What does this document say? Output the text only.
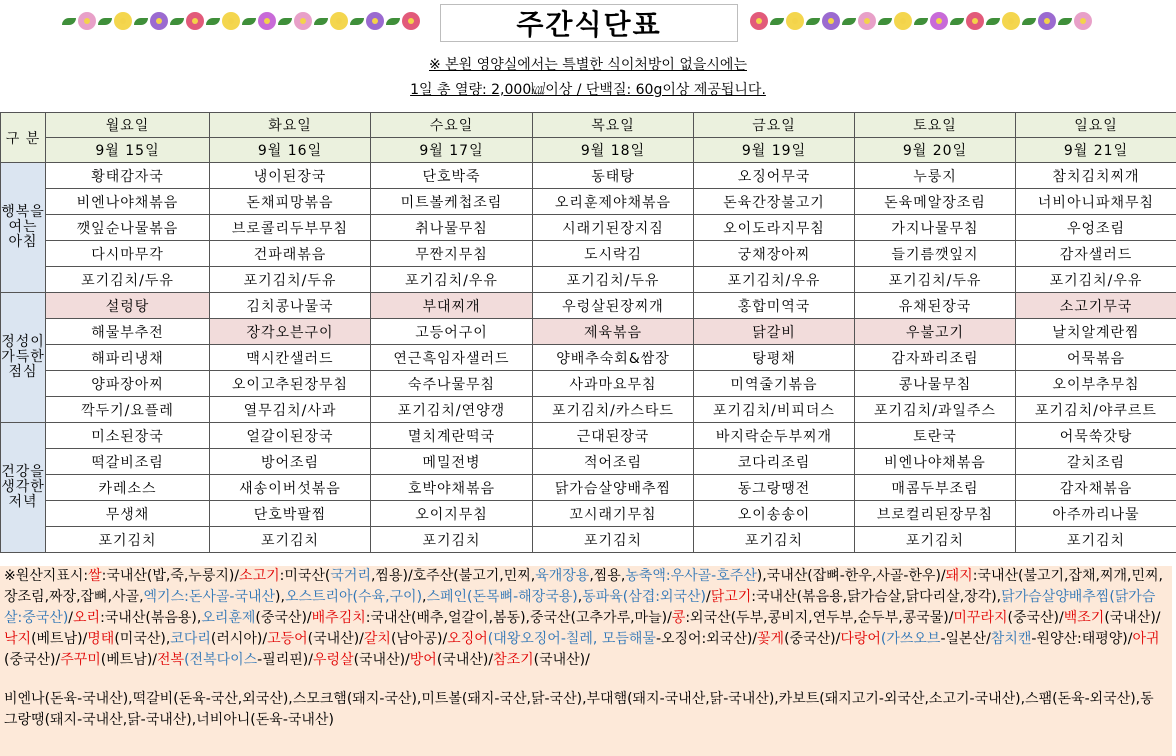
주간식단표
※ 본원 영양실에서는 특별한 식이처방이 없을시에는
1일 총 열량: 2,000㎉이상 / 단백질: 60g이상 제공됩니다.
구 분	월요일	화요일	수요일	목요일	금요일	토요일	일요일
	9월 15일	9월 16일	9월 17일	9월 18일	9월 19일	9월 20일	9월 21일
행복을 여는 아침	황태감자국	냉이된장국	단호박죽	동태탕	오징어무국	누룽지	참치김치찌개
	비엔나야채볶음	돈채피망볶음	미트볼케첩조림	오리훈제야채볶음	돈육간장불고기	돈육메알장조림	너비아니파채무침
	깻잎순나물볶음	브로콜리두부무침	취나물무침	시래기된장지짐	오이도라지무침	가지나물무침	우엉조림
	다시마무각	건파래볶음	무짠지무침	도시락김	궁채장아찌	들기름깻잎지	감자샐러드
	포기김치/두유	포기김치/두유	포기김치/우유	포기김치/두유	포기김치/우유	포기김치/두유	포기김치/우유
정성이 가득한 점심	설렁탕	김치콩나물국	부대찌개	우렁살된장찌개	홍합미역국	유채된장국	소고기무국
	해물부추전	장각오븐구이	고등어구이	제육볶음	닭갈비	우불고기	날치알계란찜
	해파리냉채	맥시칸샐러드	연근흑임자샐러드	양배추숙회&쌈장	탕평채	감자꽈리조림	어묵볶음
	양파장아찌	오이고추된장무침	숙주나물무침	사과마요무침	미역줄기볶음	콩나물무침	오이부추무침
	깍두기/요플레	열무김치/사과	포기김치/연양갱	포기김치/카스타드	포기김치/비피더스	포기김치/과일주스	포기김치/야쿠르트
건강을 생각한 저녁	미소된장국	얼갈이된장국	멸치계란떡국	근대된장국	바지락순두부찌개	토란국	어묵쑥갓탕
	떡갈비조림	방어조림	메밀전병	적어조림	코다리조림	비엔나야채볶음	갈치조림
	카레소스	새송이버섯볶음	호박야채볶음	닭가슴살양배추찜	동그랑땡전	매콤두부조림	감자채볶음
	무생채	단호박팔찜	오이지무침	꼬시래기무침	오이송송이	브로컬리된장무침	아주까리나물
	포기김치	포기김치	포기김치	포기김치	포기김치	포기김치	포기김치

※원산지표시:쌀:국내산(밥,죽,누룽지)/소고기:미국산(국거리,찜용)/호주산(불고기,민찌,육개장용,찜용,농축액:우사골-호주산),국내산(잡뼈-한우,사골-한우)/돼지:국내산(불고기,잡채,찌개,민찌,장조림,짜장,잡뼈,사골,엑기스:돈사골-국내산),오스트리아(수육,구이),스페인(돈목뼈-해장국용),동파육(삼겹:외국산)/닭고기:국내산(볶음용,닭가슴살,닭다리살,장각),닭가슴살양배추찜(닭가슴살:중국산)/오리:국내산(볶음용),오리훈제(중국산)/배추김치:국내산(배추,얼갈이,봄동),중국산(고추가루,마늘)/콩:외국산(두부,콩비지,연두부,순두부,콩국물)/미꾸라지(중국산)/백조기(국내산)/낙지(베트남)/명태(미국산),코다리(러시아)/고등어(국내산)/갈치(남아공)/오징어(대왕오징어-칠레, 모듬해물-오징어:외국산)/꽃게(중국산)/다랑어(가쓰오브-일본산/참치캔-원양산:태평양)/아귀(중국산)/주꾸미(베트남)/전복(전복다이스-필리핀)/우렁살(국내산)/방어(국내산)/참조기(국내산)/

비엔나(돈육-국내산),떡갈비(돈육-국산,외국산),스모크햄(돼지-국산),미트볼(돼지-국산,닭-국산),부대햄(돼지-국내산,닭-국내산),카보트(돼지고기-외국산,소고기-국내산),스팸(돈육-외국산),동그랑땡(돼지-국내산,닭-국내산),너비아니(돈육-국내산)
